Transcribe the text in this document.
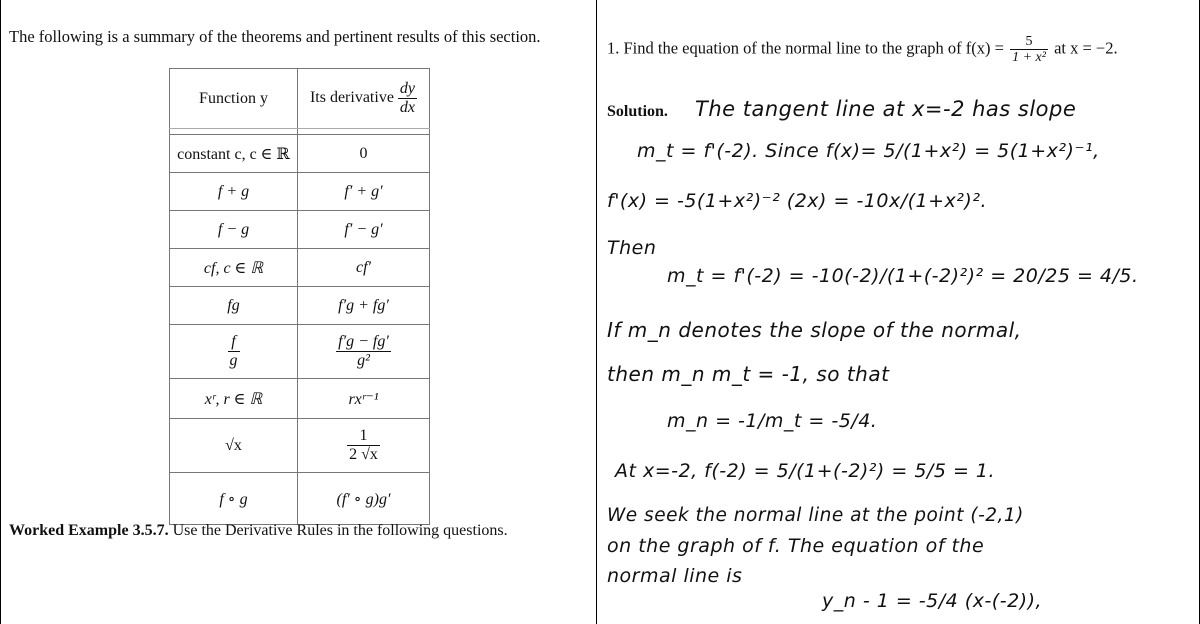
The following is a summary of the theorems and pertinent results of this section.
Function y	Its derivative $\frac{dy}{dx}$

constant c, c ∈ ℝ	0
f + g	f′ + g′
f − g	f′ − g′
cf, c ∈ ℝ	cf′
fg	f′g + fg′

$\frac{f}{g}$	$\frac{f'g - fg'}{\text{g²}}$

xʳ, r ∈ ℝ	rxʳ⁻¹
√x	$\frac{1}{2 √x}$

f ∘ g	(f′ ∘ g)g′
Worked Example 3.5.7. Use the Derivative Rules in the following questions.
1. Find the equation of the normal line to the graph of $f(x) = \frac{5}{\text{1 + x²}}$ at x = −2.
Solution. The tangent line at x=-2 has slope
m_t = f'(-2). Since f(x)= 5/(1+x²) = 5(1+x²)⁻¹,
f'(x) = -5(1+x²)⁻² (2x) = -10x/(1+x²)².
Then
m_t = f'(-2) = -10(-2)/(1+(-2)²)² = 20/25 = 4/5.
If m_n denotes the slope of the normal,
then m_n m_t = -1, so that
m_n = -1/m_t = -5/4.
At x=-2, f(-2) = 5/(1+(-2)²) = 5/5 = 1.
We seek the normal line at the point (-2,1)
on the graph of f. The equation of the
normal line is
y_n - 1 = -5/4 (x-(-2)),
